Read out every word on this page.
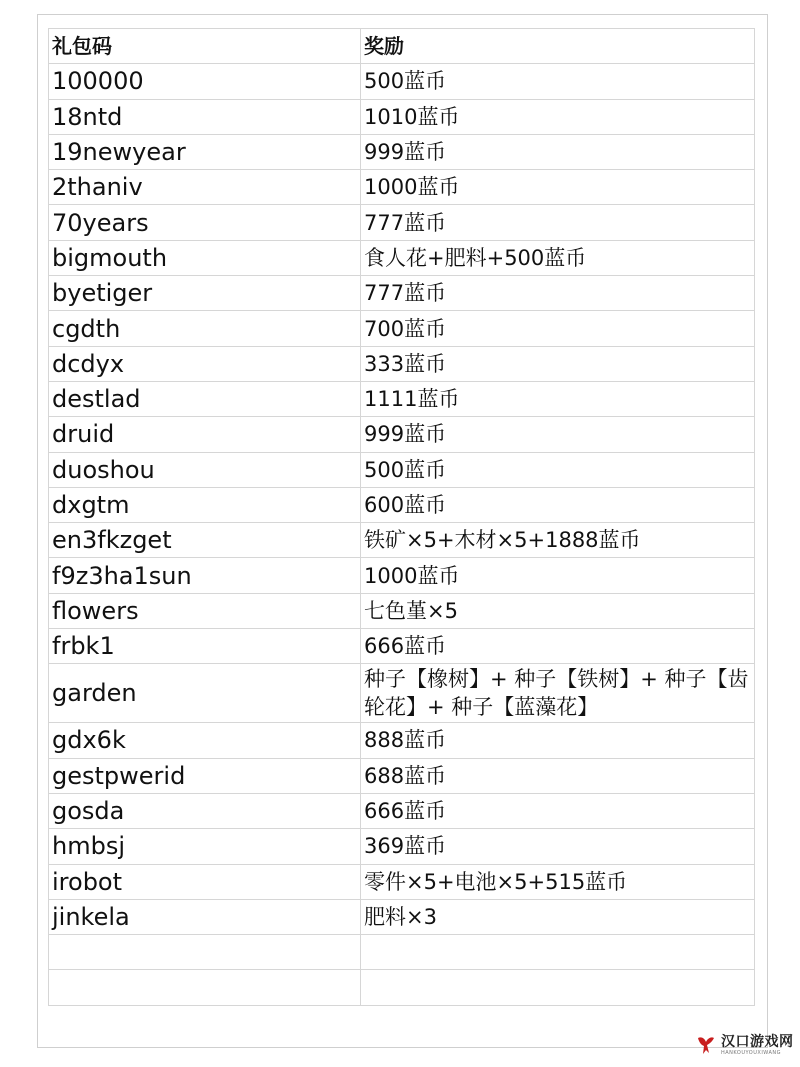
礼包码	奖励
100000	500蓝币
18ntd	1010蓝币
19newyear	999蓝币
2thaniv	1000蓝币
70years	777蓝币
bigmouth	食人花+肥料+500蓝币
byetiger	777蓝币
cgdth	700蓝币
dcdyx	333蓝币
destlad	1111蓝币
druid	999蓝币
duoshou	500蓝币
dxgtm	600蓝币
en3fkzget	铁矿×5+木材×5+1888蓝币
f9z3ha1sun	1000蓝币
flowers	七色堇×5
frbk1	666蓝币
garden	种子【橡树】+ 种子【铁树】+ 种子【齿轮花】+ 种子【蓝藻花】
gdx6k	888蓝币
gestpwerid	688蓝币
gosda	666蓝币
hmbsj	369蓝币
irobot	零件×5+电池×5+515蓝币
jinkela	肥料×3

汉口游戏网
HANKOUYOUXIWANG
